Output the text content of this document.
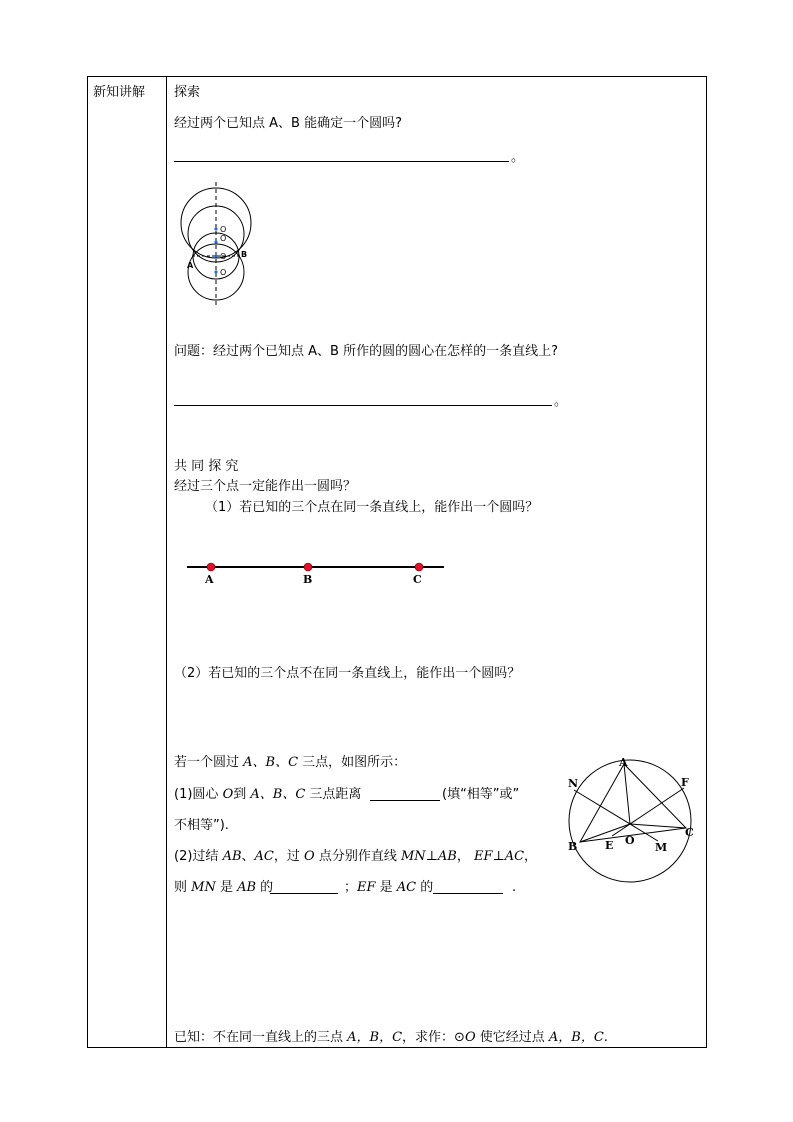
新知讲解 探索
经过两个已知点 A、B 能确定一个圆吗?
。
O
O
O
O
A
B
问题：经过两个已知点 A、B 所作的圆的圆心在怎样的一条直线上?
。
共 同 探 究
经过三个点一定能作出一圆吗？
（1）若已知的三个点在同一条直线上，能作出一个圆吗？
A	B	C
（2）若已知的三个点不在同一条直线上，能作出一个圆吗？
若一个圆过 A、B、C 三点，如图所示：
(1)圆心 O到 A、B、C 三点距离	(填“相等”或”
不相等”).
(2)过结 AB、AC，过 O 点分别作直线 MN⊥AB， EF⊥AC，
则 MN 是 AB 的	；EF 是 AC 的	.
A
B
C
N	F
E O
M
已知：不在同一直线上的三点 A，B，C，求作：⊙O 使它经过点 A，B，C.
